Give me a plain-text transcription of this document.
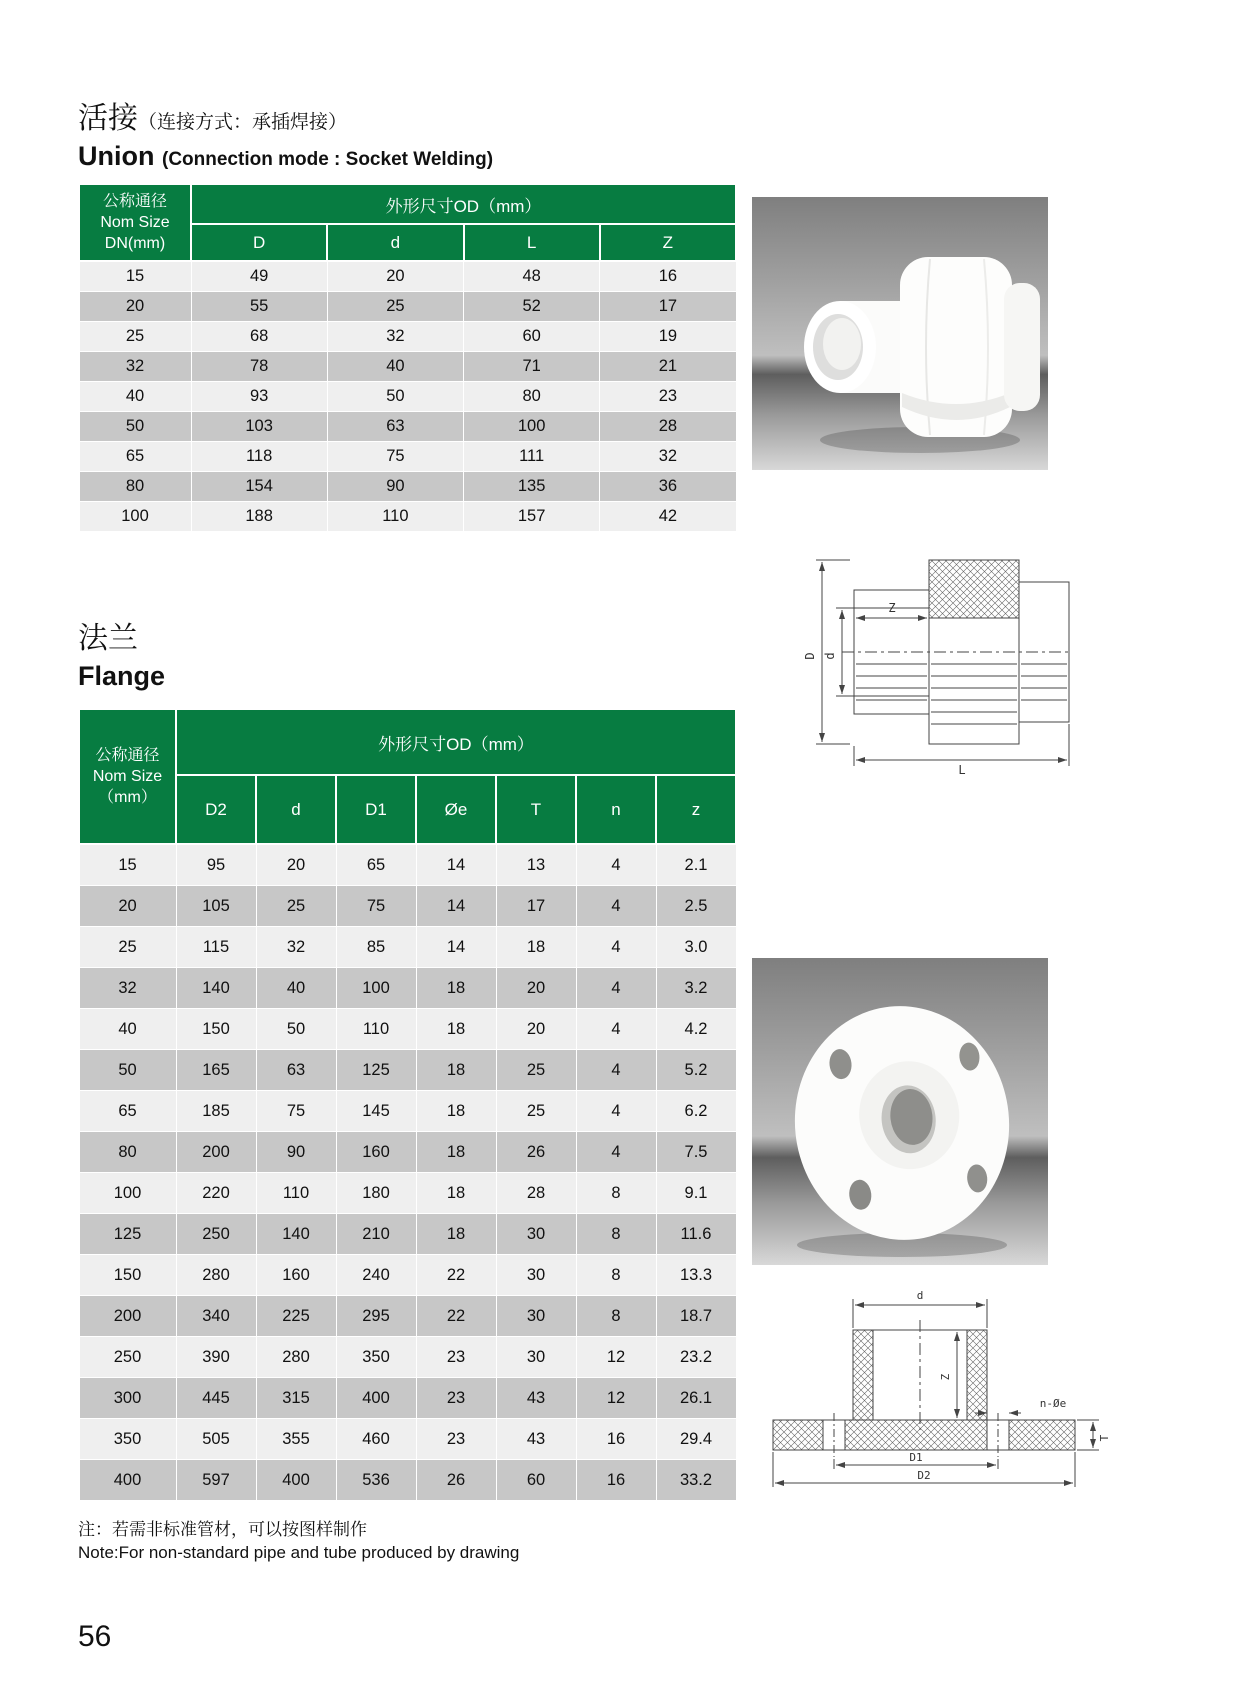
活接（连接方式：承插焊接）
Union (Connection mode : Socket Welding)
公称通径
Nom Size
DN(mm)	外形尺寸OD（mm）			
	D	d	L	Z
15	49	20	48	16
20	55	25	52	17
25	68	32	60	19
32	78	40	71	21
40	93	50	80	23
50	103	63	100	28
65	118	75	111	32
80	154	90	135	36
100	188	110	157	42
D d
Z
L
法兰
Flange
公称通径
Nom Size
（mm）	外形尺寸OD（mm）						
	D2	d	D1	Øe	T	n	z
15	95	20	65	14	13	4	2.1
20	105	25	75	14	17	4	2.5
25	115	32	85	14	18	4	3.0
32	140	40	100	18	20	4	3.2
40	150	50	110	18	20	4	4.2
50	165	63	125	18	25	4	5.2
65	185	75	145	18	25	4	6.2
80	200	90	160	18	26	4	7.5
100	220	110	180	18	28	8	9.1
125	250	140	210	18	30	8	11.6
150	280	160	240	22	30	8	13.3
200	340	225	295	22	30	8	18.7
250	390	280	350	23	30	12	23.2
300	445	315	400	23	43	12	26.1
350	505	355	460	23	43	16	29.4
400	597	400	536	26	60	16	33.2
d
Z
n-Øe
T
D1
D2
注：若需非标准管材，可以按图样制作
Note:For non-standard pipe and tube produced by drawing
56
